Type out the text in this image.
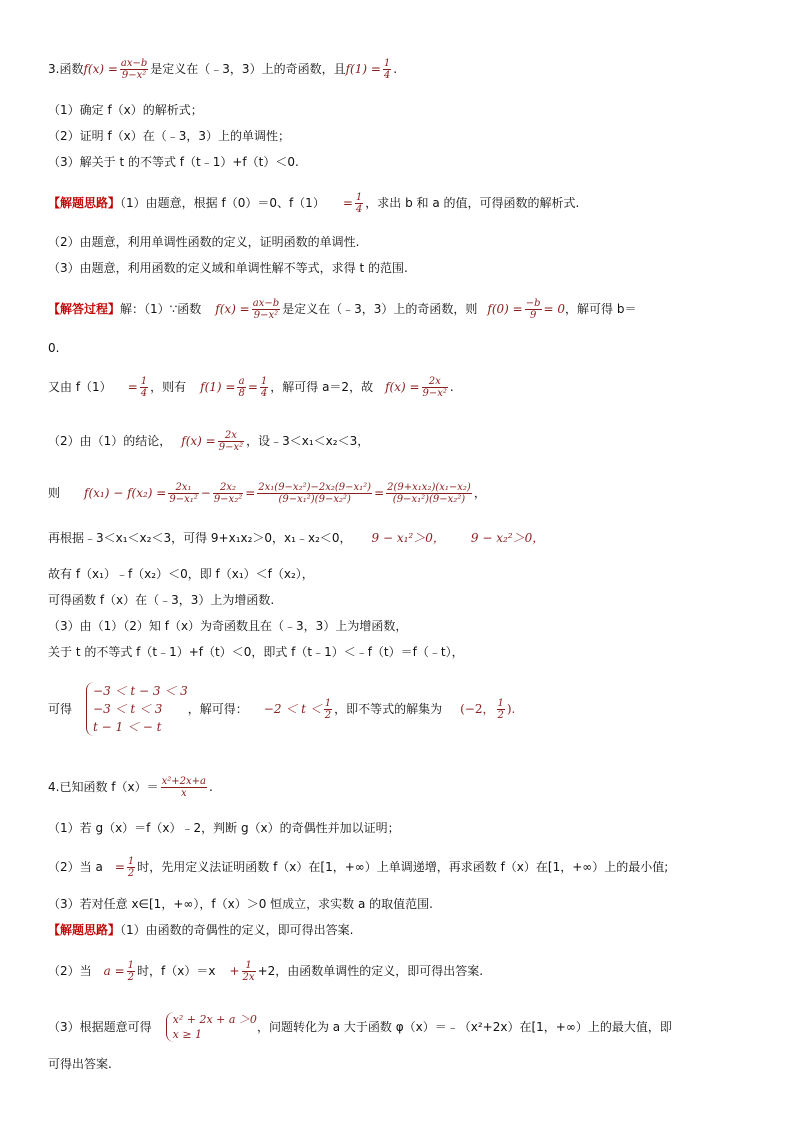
3.函数$f(x) = \frac{ax-b}{\text{9−x²}}$ 是定义在（﹣3，3）上的奇函数，且$f(1) = \frac{1}{4}$ .
（1）确定 f（x）的解析式；
（2）证明 f（x）在（﹣3，3）上的单调性；
（3）解关于 t 的不等式 f（t﹣1）+f（t）＜0.
【解题思路】（1）由题意，根据 f（0）＝0、$f(1) = \frac{1}{4}$ ，求出 b 和 a 的值，可得函数的解析式.
（2）由题意，利用单调性函数的定义，证明函数的单调性.
（3）由题意，利用函数的定义域和单调性解不等式，求得 t 的范围.
【解答过程】解：（1）∵函数 $f(x) = \frac{ax-b}{\text{9−x²}}$ 是定义在（﹣3，3）上的奇函数，则 $f(0) = \frac{-b}{9} = 0$，解可得 b＝
0.
又由 $f(1) = \frac{1}{4}$ ，则有 $f(1) = \frac{a}{8} = \frac{1}{4}$ ，解可得 a＝2，故 $f(x) = \frac{2x}{\text{9−x²}}$ .
（2）由（1）的结论， $f(x) = \frac{2x}{\text{9−x²}}$ ，设﹣3＜x₁＜x₂＜3，
则 $f(x_1) - f(x_2) = \frac{\text{2x₁}}{\text{9−x₁²}} - \frac{\text{2x₂}}{\text{9−x₂²}} = \frac{\text{2x₁(9−x₂²)−2x₂(9−x₁²)}}{\text{(9−x₁²)(9−x₂²)}} = \frac{\text{2(9+x₁x₂)(x₁−x₂)}}{\text{(9−x₁²)(9−x₂²)}}$ ，
再根据﹣3＜x₁＜x₂＜3，可得 9+x₁x₂＞0，x₁﹣x₂＜0， 9 − x₁²＞0， 9 − x₂²＞0，
故有 f（x₁）﹣f（x₂）＜0，即 f（x₁）＜f（x₂），
可得函数 f（x）在（﹣3，3）上为增函数.
（3）由（1）（2）知 f（x）为奇函数且在（﹣3，3）上为增函数，
关于 t 的不等式 f（t﹣1）+f（t）＜0，即式 f（t﹣1）＜﹣f（t）＝f（﹣t），
可得
−3 ＜ t − 3 ＜ 3
−3 ＜ t ＜ 3
t − 1 ＜ − t
，解可得： $-2 < t < \frac{1}{2}$ ，即不等式的解集为 (−2， $\frac{1}{2}$ ).
4.已知函数 $f(x)= \frac{\text{x²+2x+a}}{x}$ .
（1）若 g（x）＝f（x）﹣2，判断 g（x）的奇偶性并加以证明；
（2）当 $a = \frac{1}{2}$ 时，先用定义法证明函数 f（x）在[1，+∞）上单调递增，再求函数 f（x）在[1，+∞）上的最小值;
（3）若对任意 x∈[1，+∞），f（x）＞0 恒成立，求实数 a 的取值范围.
【解题思路】（1）由函数的奇偶性的定义，即可得出答案.
（2）当 $a = \frac{1}{2}$ 时，$f(x)=x + \frac{1}{2x} +2$，由函数单调性的定义，即可得出答案.
（3）根据题意可得
x² + 2x + a ＞0
x ≥ 1
，问题转化为 a 大于函数 φ（x）＝﹣（x²+2x）在[1，+∞）上的最大值，即
可得出答案.
